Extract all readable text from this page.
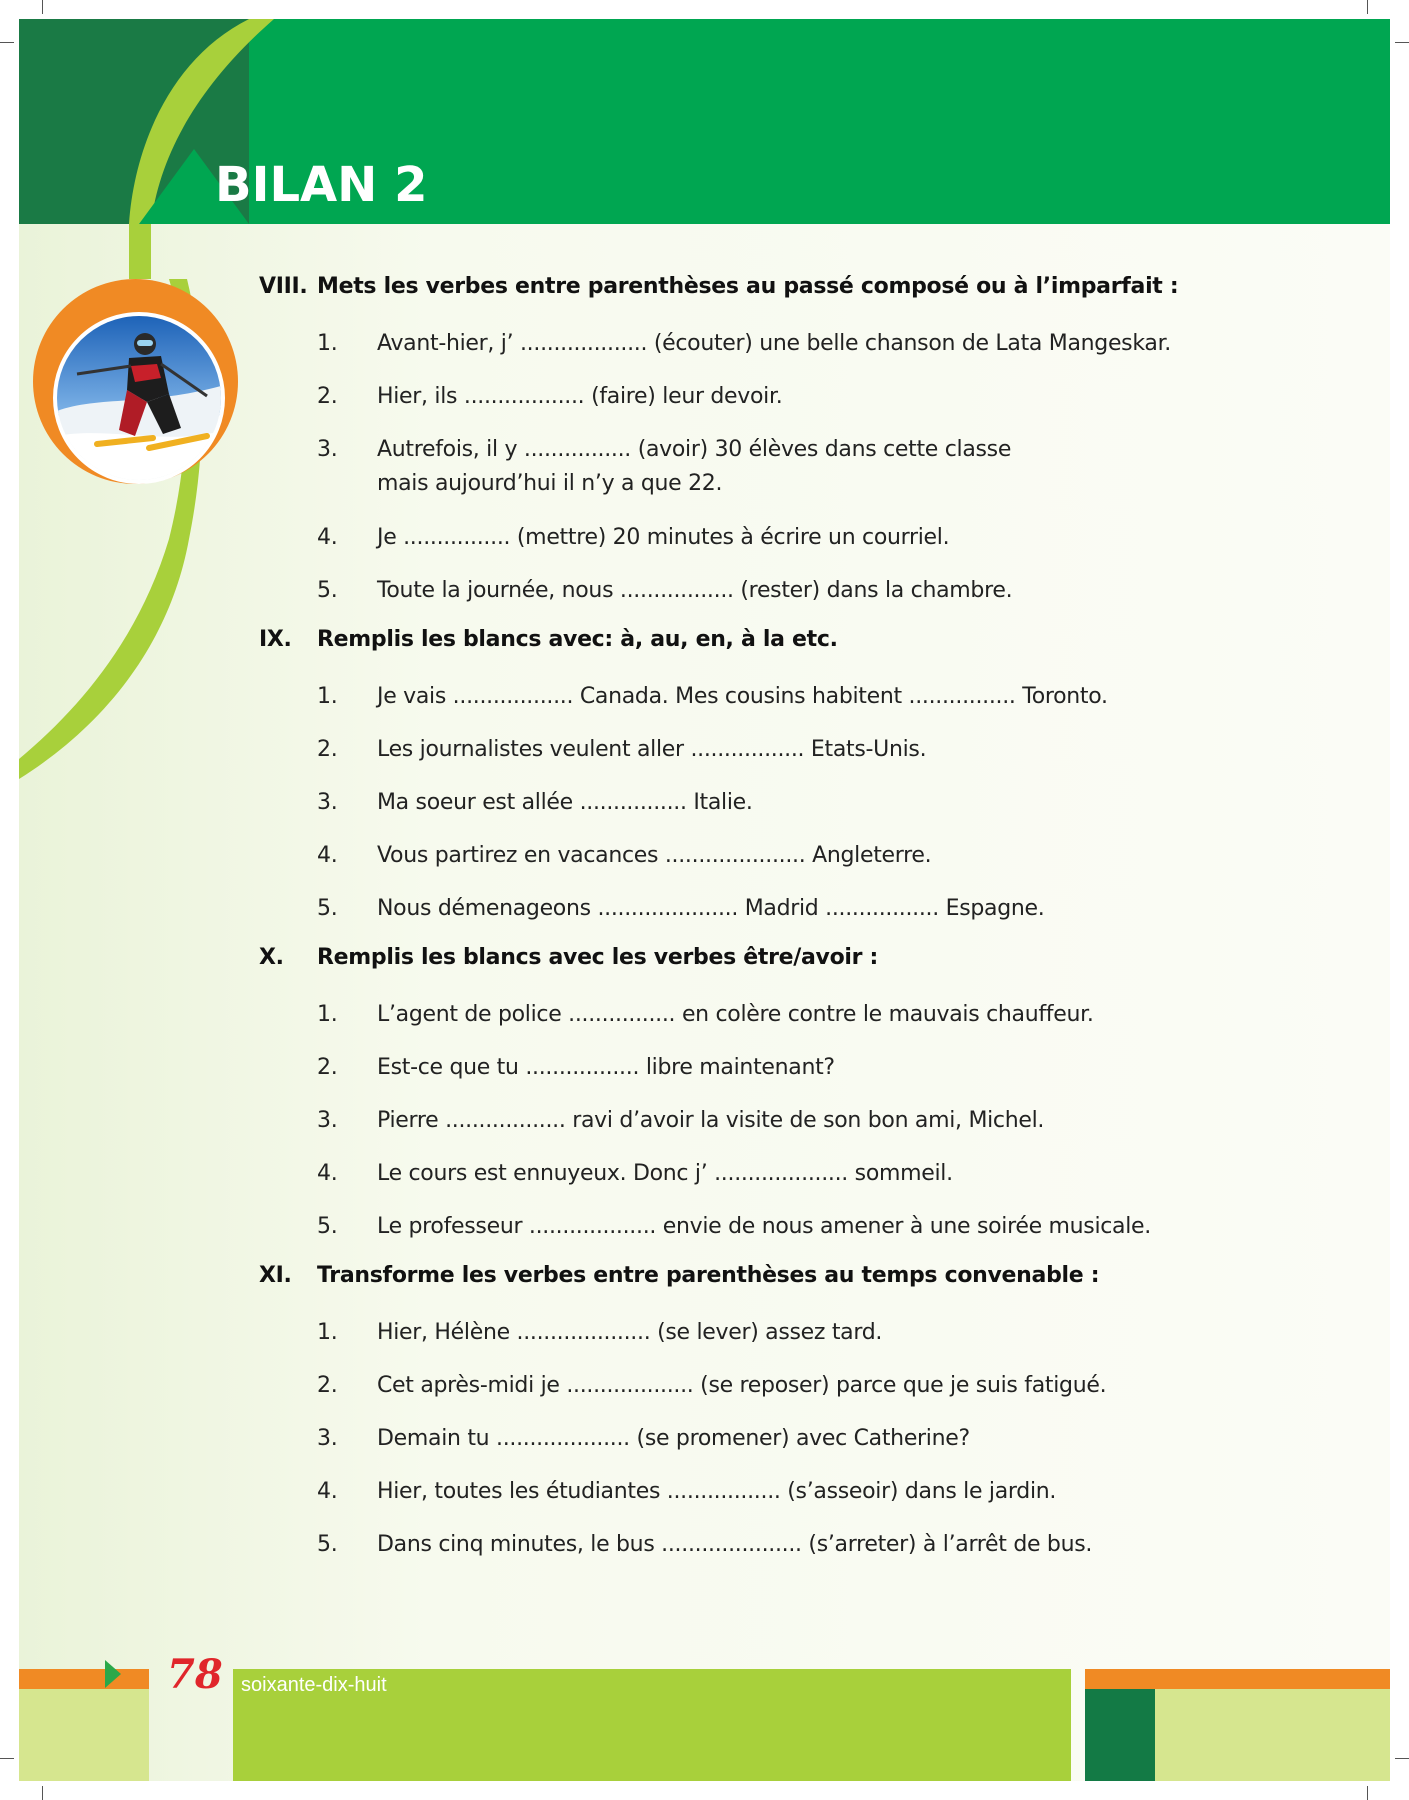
BILAN 2
VIII. Mets les verbes entre parenthèses au passé composé ou à l’imparfait :
1.	Avant-hier, j’ ................... (écouter) une belle chanson de Lata Mangeskar.
2.	Hier, ils .................. (faire) leur devoir.
3.	Autrefois, il y ................ (avoir) 30 élèves dans cette classe mais aujourd’hui il n’y a que 22.
4.	Je ................ (mettre) 20 minutes à écrire un courriel.
5.	Toute la journée, nous ................. (rester) dans la chambre.
IX.	Remplis les blancs avec: à, au, en, à la etc.
1.	Je vais .................. Canada. Mes cousins habitent ................ Toronto.
2.	Les journalistes veulent aller ................. Etats-Unis.
3.	Ma soeur est allée ................ Italie.
4.	Vous partirez en vacances ..................... Angleterre.
5.	Nous démenageons ..................... Madrid ................. Espagne.
X.	Remplis les blancs avec les verbes être/avoir :
1.	L’agent de police ................ en colère contre le mauvais chauffeur.
2.	Est-ce que tu ................. libre maintenant?
3.	Pierre .................. ravi d’avoir la visite de son bon ami, Michel.
4.	Le cours est ennuyeux. Donc j’ .................... sommeil.
5.	Le professeur ................... envie de nous amener à une soirée musicale.
XI.	Transforme les verbes entre parenthèses au temps convenable :
1.	Hier, Hélène .................... (se lever) assez tard.
2.	Cet après-midi je ................... (se reposer) parce que je suis fatigué.
3.	Demain tu .................... (se promener) avec Catherine?
4.	Hier, toutes les étudiantes ................. (s’asseoir) dans le jardin.
5.	Dans cinq minutes, le bus ..................... (s’arreter) à l’arrêt de bus.
78 soixante-dix-huit
